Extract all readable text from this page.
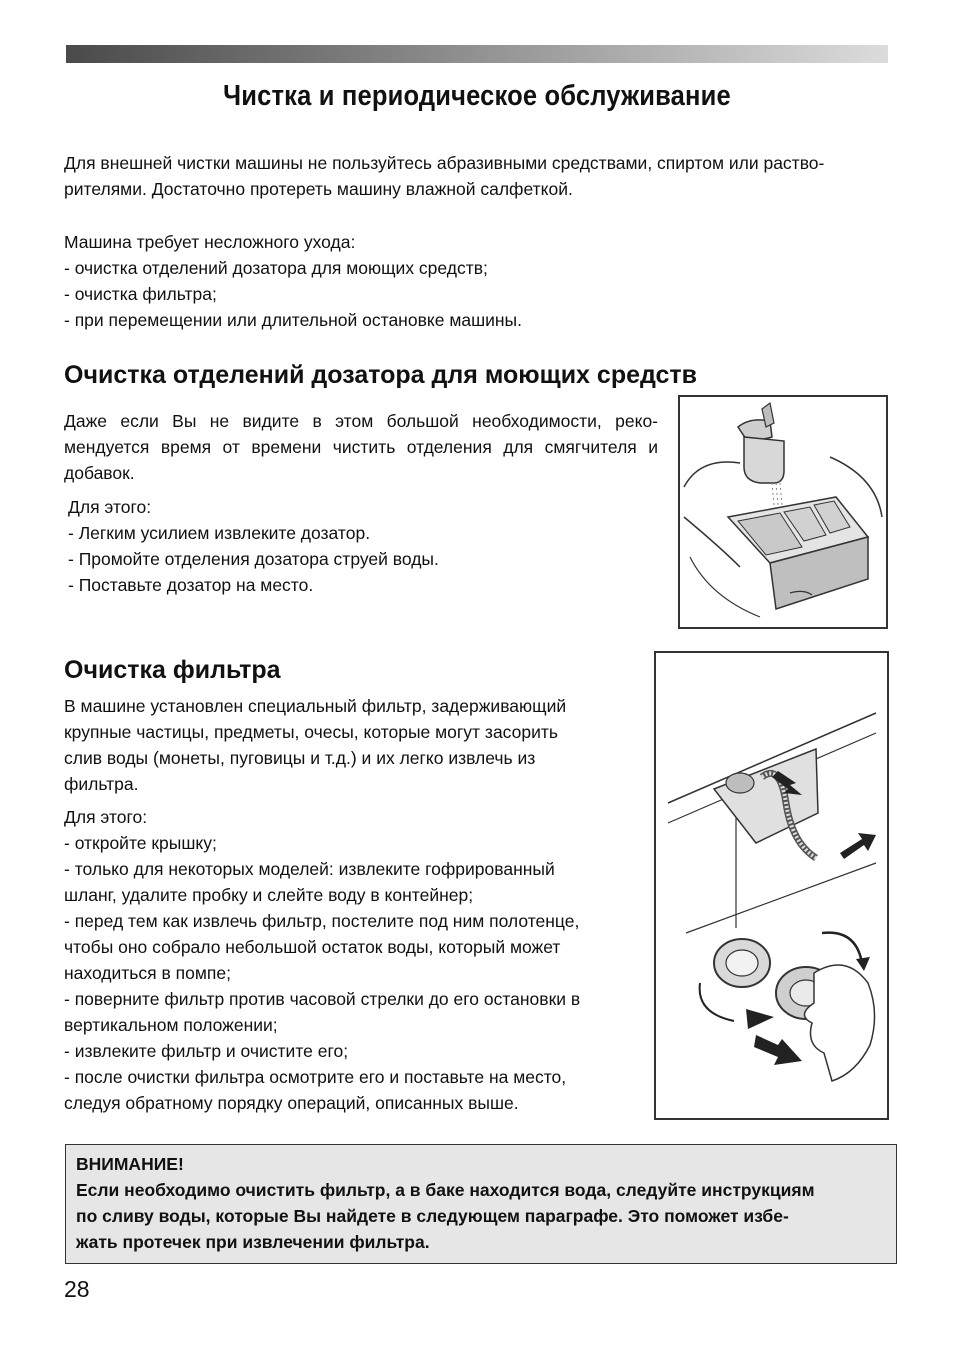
Чистка и периодическое обслуживание
Для внешней чистки машины не пользуйтесь абразивными средствами, спиртом или раство-
рителями. Достаточно протереть машину влажной салфеткой.
Машина требует несложного ухода:
- очистка отделений дозатора для моющих средств;
- очистка фильтра;
- при перемещении или длительной остановке машины.
Очистка отделений дозатора для моющих средств
Даже если Вы не видите в этом большой необходимости, реко-
мендуется время от времени чистить отделения для смягчителя и
добавок.
Для этого:
- Легким усилием извлеките дозатор.
- Промойте отделения дозатора струей воды.
- Поставьте дозатор на место.
Очистка фильтра
В машине установлен специальный фильтр, задерживающий
крупные частицы, предметы, очесы, которые могут засорить
слив воды (монеты, пуговицы и т.д.) и их легко извлечь из
фильтра.
Для этого:
- откройте крышку;
- только для некоторых моделей: извлеките гофрированный
шланг, удалите пробку и слейте воду в контейнер;
- перед тем как извлечь фильтр, постелите под ним полотенце,
чтобы оно собрало небольшой остаток воды, который может
находиться в помпе;
- поверните фильтр против часовой стрелки до его остановки в
вертикальном положении;
- извлеките фильтр и очистите его;
- после очистки фильтра осмотрите его и поставьте на место,
следуя обратному порядку операций, описанных выше.
ВНИМАНИЕ!
Если необходимо очистить фильтр, а в баке находится вода, следуйте инструкциям
по сливу воды, которые Вы найдете в следующем параграфе. Это поможет избе-
жать протечек при извлечении фильтра.
28
